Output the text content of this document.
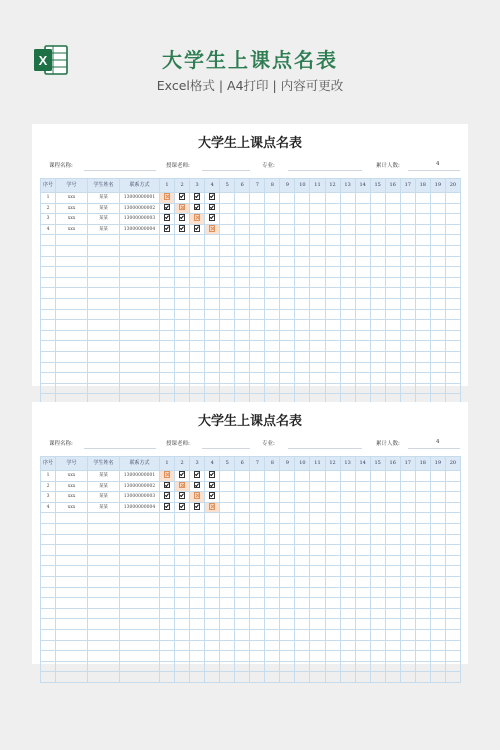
X	大学生上课点名表
Excel格式 | A4打印 | 内容可更改
大学生上课点名表
课程名称:	授课老师:	专业:	累计人数:	4
序号	学号	学生姓名	联系方式	1	2	3	4	5	6	7	8	9	10	11	12	13	14	15	16	17	18	19	20
1	xxx	某某	13000000001																				
2	xxx	某某	13000000002																				
3	xxx	某某	13000000003																				
4	xxx	某某	13000000004																				

大学生上课点名表
课程名称:	授课老师:	专业:	累计人数:	4
序号	学号	学生姓名	联系方式	1	2	3	4	5	6	7	8	9	10	11	12	13	14	15	16	17	18	19	20
1	xxx	某某	13000000001																				
2	xxx	某某	13000000002																				
3	xxx	某某	13000000003																				
4	xxx	某某	13000000004																				
